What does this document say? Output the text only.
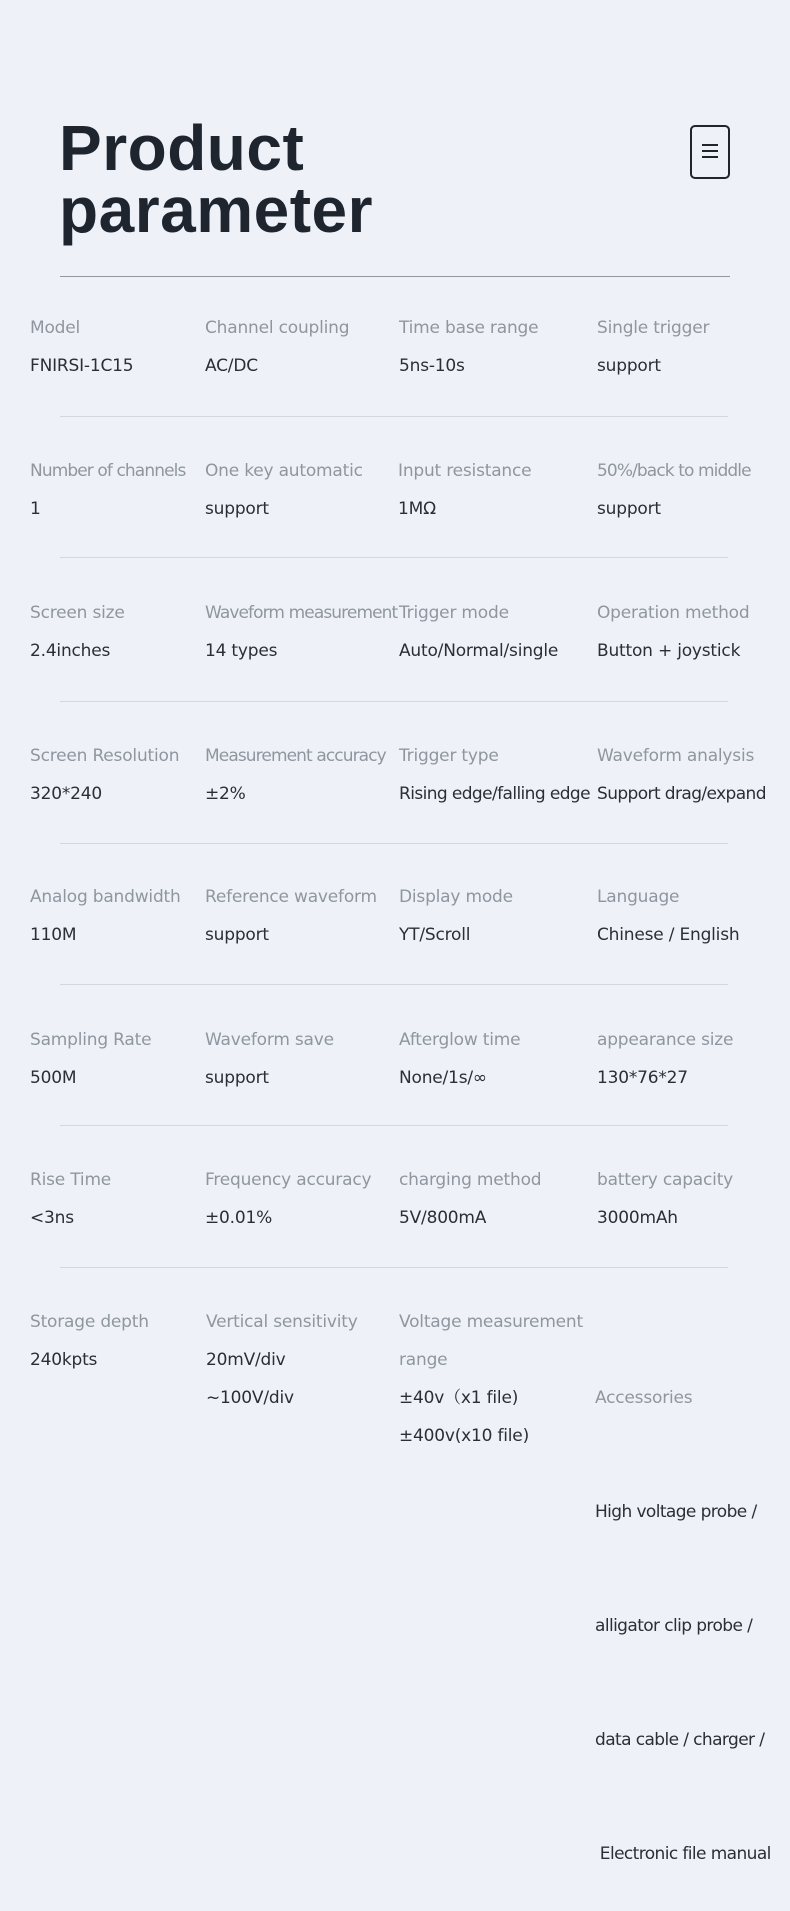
Product
parameter
Model
FNIRSI-1C15
Channel coupling
AC/DC
Time base range
5ns-10s
Single trigger
support
Number of channels
1
One key automatic
support
Input resistance
1MΩ
50%/back to middle
support
Screen size
2.4inches
Waveform measurement
14 types
Trigger mode
Auto/Normal/single
Operation method
Button + joystick
Screen Resolution
320*240
Measurement accuracy
±2%
Trigger type
Rising edge/falling edge
Waveform analysis
Support drag/expand
Analog bandwidth
110M
Reference waveform
support
Display mode
YT/Scroll
Language
Chinese / English
Sampling Rate
500M
Waveform save
support
Afterglow time
None/1s/∞
appearance size
130*76*27
Rise Time
<3ns
Frequency accuracy
±0.01%
charging method
5V/800mA
battery capacity
3000mAh
Storage depth
240kpts
Vertical sensitivity
20mV/div
~100V/div
Voltage measurement
range
±40v（x1 file)
±400v(x10 file)

Accessories

High voltage probe /

alligator clip probe /

data cable / charger /

Electronic file manual
